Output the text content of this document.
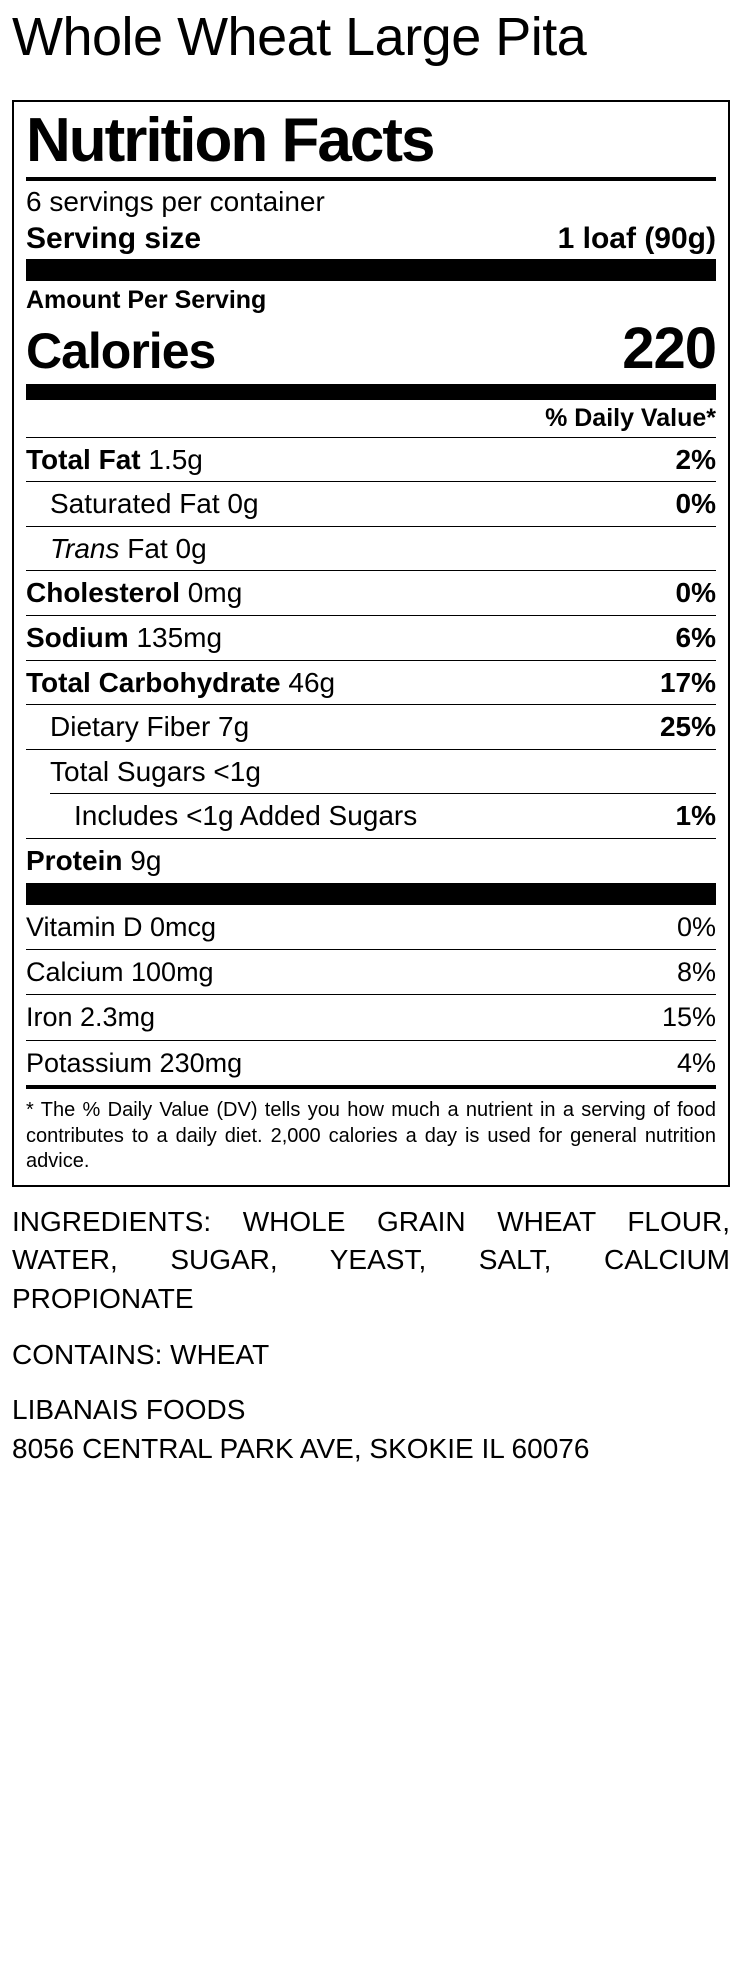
Whole Wheat Large Pita
Nutrition Facts
6 servings per container
Serving size	1 loaf (90g)
Amount Per Serving
Calories	220
% Daily Value*
Total Fat 1.5g	2%
Saturated Fat 0g	0%
Trans Fat 0g
Cholesterol 0mg	0%
Sodium 135mg	6%
Total Carbohydrate 46g	17%
Dietary Fiber 7g	25%
Total Sugars <1g
Includes <1g Added Sugars	1%
Protein 9g
Vitamin D 0mcg	0%
Calcium 100mg	8%
Iron 2.3mg	15%
Potassium 230mg	4%
* The % Daily Value (DV) tells you how much a nutrient in a serving of food contributes to a daily diet. 2,000 calories a day is used for general nutrition advice.
INGREDIENTS: WHOLE GRAIN WHEAT FLOUR, WATER, SUGAR, YEAST, SALT, CALCIUM PROPIONATE
CONTAINS: WHEAT
LIBANAIS FOODS
8056 CENTRAL PARK AVE, SKOKIE IL 60076
